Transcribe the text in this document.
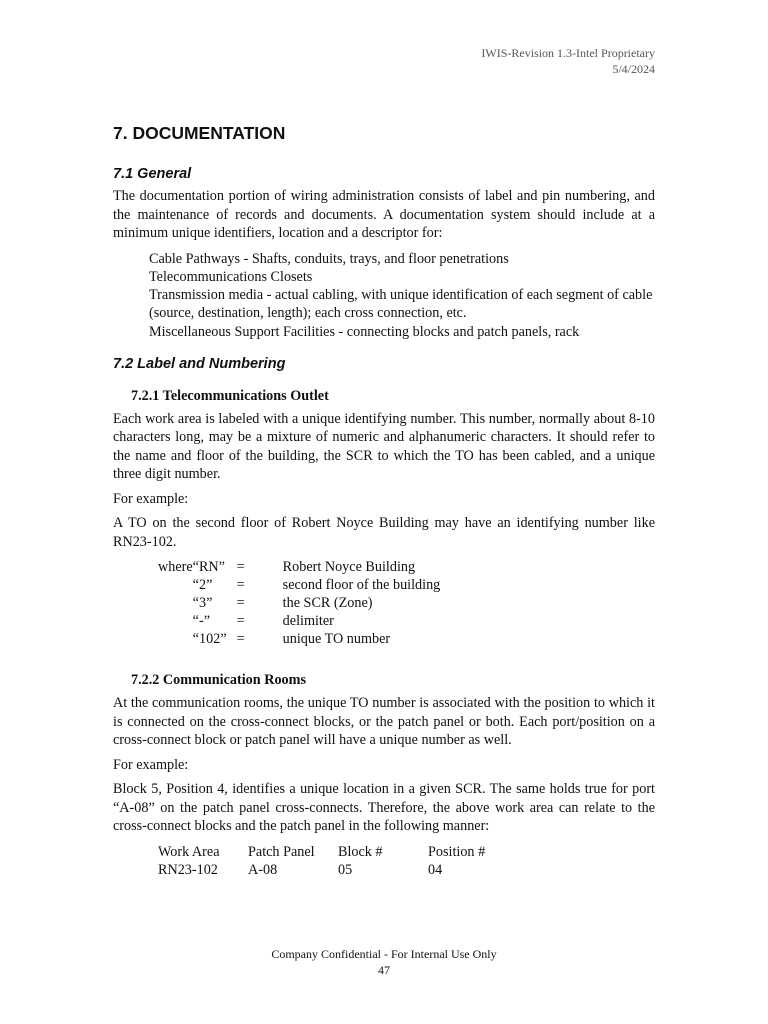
IWIS-Revision 1.3-Intel Proprietary
5/4/2024
7. DOCUMENTATION
7.1 General

The documentation portion of wiring administration consists of label and pin numbering, and the maintenance of records and documents. A documentation system should include at a minimum unique identifiers, location and a descriptor for:

Cable Pathways - Shafts, conduits, trays, and floor penetrations
Telecommunications Closets
Transmission media - actual cabling, with unique identification of each segment of cable (source, destination, length); each cross connection, etc.
Miscellaneous Support Facilities - connecting blocks and patch panels, rack
7.2 Label and Numbering
7.2.1 Telecommunications Outlet

Each work area is labeled with a unique identifying number. This number, normally about 8-10 characters long, may be a mixture of numeric and alphanumeric characters. It should refer to the name and floor of the building, the SCR to which the TO has been cabled, and a unique three digit number.

For example:

A TO on the second floor of Robert Noyce Building may have an identifying number like RN23-102.

where	“RN”	=	Robert Noyce Building
	“2”	=	second floor of the building
	“3”	=	the SCR (Zone)
	“-”	=	delimiter
	“102”	=	unique TO number
7.2.2 Communication Rooms

At the communication rooms, the unique TO number is associated with the position to which it is connected on the cross-connect blocks, or the patch panel or both. Each port/position on a cross-connect block or patch panel will have a unique number as well.

For example:

Block 5, Position 4, identifies a unique location in a given SCR. The same holds true for port “A-08” on the patch panel cross-connects. Therefore, the above work area can relate to the cross-connect blocks and the patch panel in the following manner:

Work Area	Patch Panel	Block #	Position #
RN23-102	A-08	05	04
Company Confidential - For Internal Use Only
47
